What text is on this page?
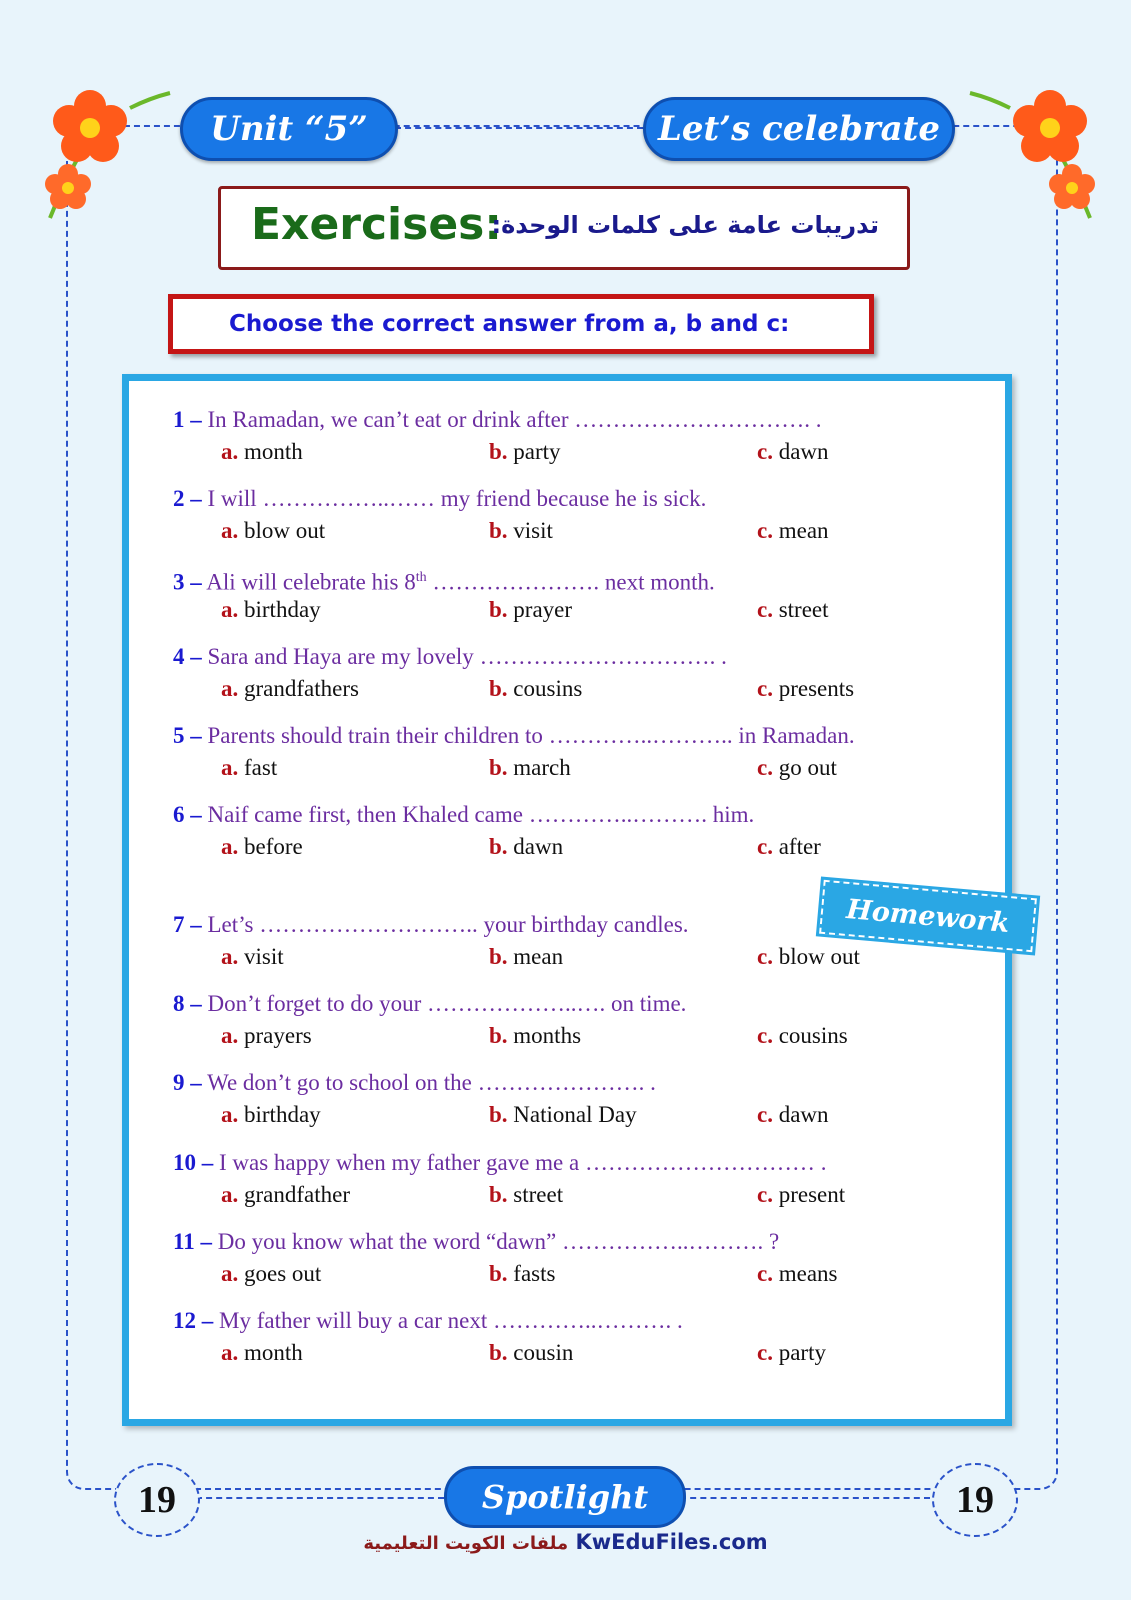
Unit “5”	Let’s celebrate
Exercises:
تدريبات عامة على كلمات الوحدة:
Choose the correct answer from a, b and c:
1 – In Ramadan, we can’t eat or drink after …………………………. .
a. month	b. party	c. dawn
2 – I will ……………..…… my friend because he is sick.
a. blow out	b. visit	c. mean
3 – Ali will celebrate his 8th …………………. next month.
a. birthday	b. prayer	c. street
4 – Sara and Haya are my lovely …………………………. .
a. grandfathers	b. cousins	c. presents
5 – Parents should train their children to …………..……….. in Ramadan.
a. fast	b. march	c. go out
6 – Naif came first, then Khaled came …………..………. him.
a. before	b. dawn	c. after
7 – Let’s ……………………….. your birthday candles.
a. visit	b. mean	c. blow out
8 – Don’t forget to do your ………………..…. on time.
a. prayers	b. months	c. cousins
9 – We don’t go to school on the …………………. .
a. birthday	b. National Day	c. dawn
10 – I was happy when my father gave me a ………………………… .
a. grandfather	b. street	c. present
11 – Do you know what the word “dawn” ……………..………. ?
a. goes out	b. fasts	c. means
12 – My father will buy a car next …………..………. .
a. month	b. cousin	c. party
Homework
19	Spotlight	19
ملفات الكويت التعليمية KwEduFiles.com
